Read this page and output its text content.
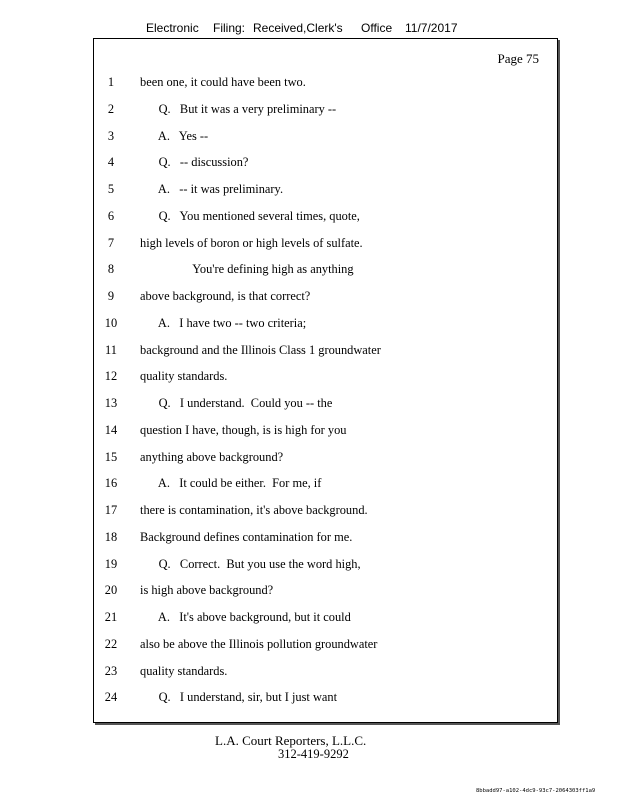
Electronic Filing: Received,Clerk's Office 11/7/2017
Page 75
1	been one, it could have been two.
2	Q.   But it was a very preliminary --
3	A.   Yes --
4	Q.   -- discussion?
5	A.   -- it was preliminary.
6	Q.   You mentioned several times, quote,
7	high levels of boron or high levels of sulfate.
8	You're defining high as anything
9	above background, is that correct?
10	A.   I have two -- two criteria;
11	background and the Illinois Class 1 groundwater
12	quality standards.
13	Q.   I understand.  Could you -- the
14	question I have, though, is is high for you
15	anything above background?
16	A.   It could be either.  For me, if
17	there is contamination, it's above background.
18	Background defines contamination for me.
19	Q.   Correct.  But you use the word high,
20	is high above background?
21	A.   It's above background, but it could
22	also be above the Illinois pollution groundwater
23	quality standards.
24	Q.   I understand, sir, but I just want
L.A. Court Reporters, L.L.C.
312-419-9292
8bbadd97-a102-4dc9-93c7-2064303ff1a9
